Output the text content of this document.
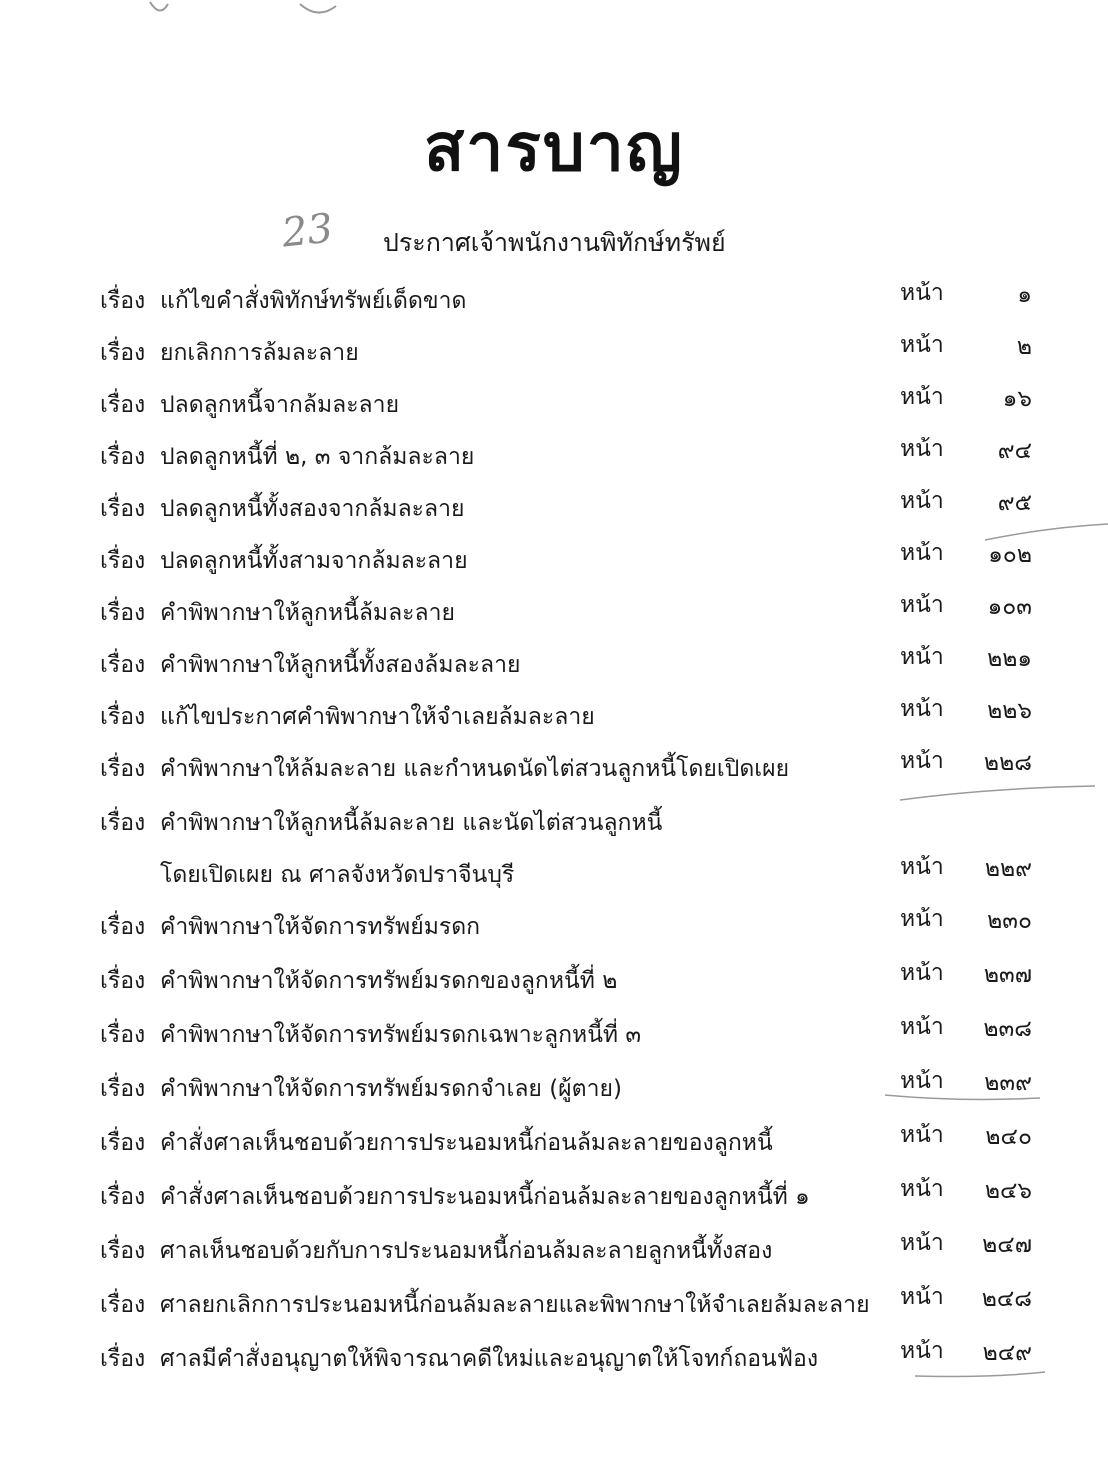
สารบาญ
23 ประกาศเจ้าพนักงานพิทักษ์ทรัพย์
เรื่อง แก้ไขคำสั่งพิทักษ์ทรัพย์เด็ดขาด	หน้า	๑
เรื่อง ยกเลิกการล้มละลาย	หน้า	๒
เรื่อง ปลดลูกหนี้จากล้มละลาย	หน้า	๑๖
เรื่อง ปลดลูกหนี้ที่ ๒, ๓ จากล้มละลาย	หน้า	๙๔
เรื่อง ปลดลูกหนี้ทั้งสองจากล้มละลาย	หน้า	๙๕
เรื่อง ปลดลูกหนี้ทั้งสามจากล้มละลาย	หน้า	๑๐๒
เรื่อง คำพิพากษาให้ลูกหนี้ล้มละลาย	หน้า	๑๐๓
เรื่อง คำพิพากษาให้ลูกหนี้ทั้งสองล้มละลาย	หน้า	๒๒๑
เรื่อง แก้ไขประกาศคำพิพากษาให้จำเลยล้มละลาย	หน้า	๒๒๖
เรื่อง คำพิพากษาให้ล้มละลาย และกำหนดนัดไต่สวนลูกหนี้โดยเปิดเผย	หน้า	๒๒๘
เรื่อง คำพิพากษาให้ลูกหนี้ล้มละลาย และนัดไต่สวนลูกหนี้
โดยเปิดเผย ณ ศาลจังหวัดปราจีนบุรี	หน้า	๒๒๙
เรื่อง คำพิพากษาให้จัดการทรัพย์มรดก	หน้า	๒๓๐
เรื่อง คำพิพากษาให้จัดการทรัพย์มรดกของลูกหนี้ที่ ๒	หน้า	๒๓๗
เรื่อง คำพิพากษาให้จัดการทรัพย์มรดกเฉพาะลูกหนี้ที่ ๓	หน้า	๒๓๘
เรื่อง คำพิพากษาให้จัดการทรัพย์มรดกจำเลย (ผู้ตาย)	หน้า	๒๓๙
เรื่อง คำสั่งศาลเห็นชอบด้วยการประนอมหนี้ก่อนล้มละลายของลูกหนี้	หน้า	๒๔๐
เรื่อง คำสั่งศาลเห็นชอบด้วยการประนอมหนี้ก่อนล้มละลายของลูกหนี้ที่ ๑	หน้า	๒๔๖
เรื่อง ศาลเห็นชอบด้วยกับการประนอมหนี้ก่อนล้มละลายลูกหนี้ทั้งสอง	หน้า	๒๔๗
เรื่อง ศาลยกเลิกการประนอมหนี้ก่อนล้มละลายและพิพากษาให้จำเลยล้มละลาย หน้า	๒๔๘
เรื่อง ศาลมีคำสั่งอนุญาตให้พิจารณาคดีใหม่และอนุญาตให้โจทก์ถอนฟ้อง	หน้า	๒๔๙
